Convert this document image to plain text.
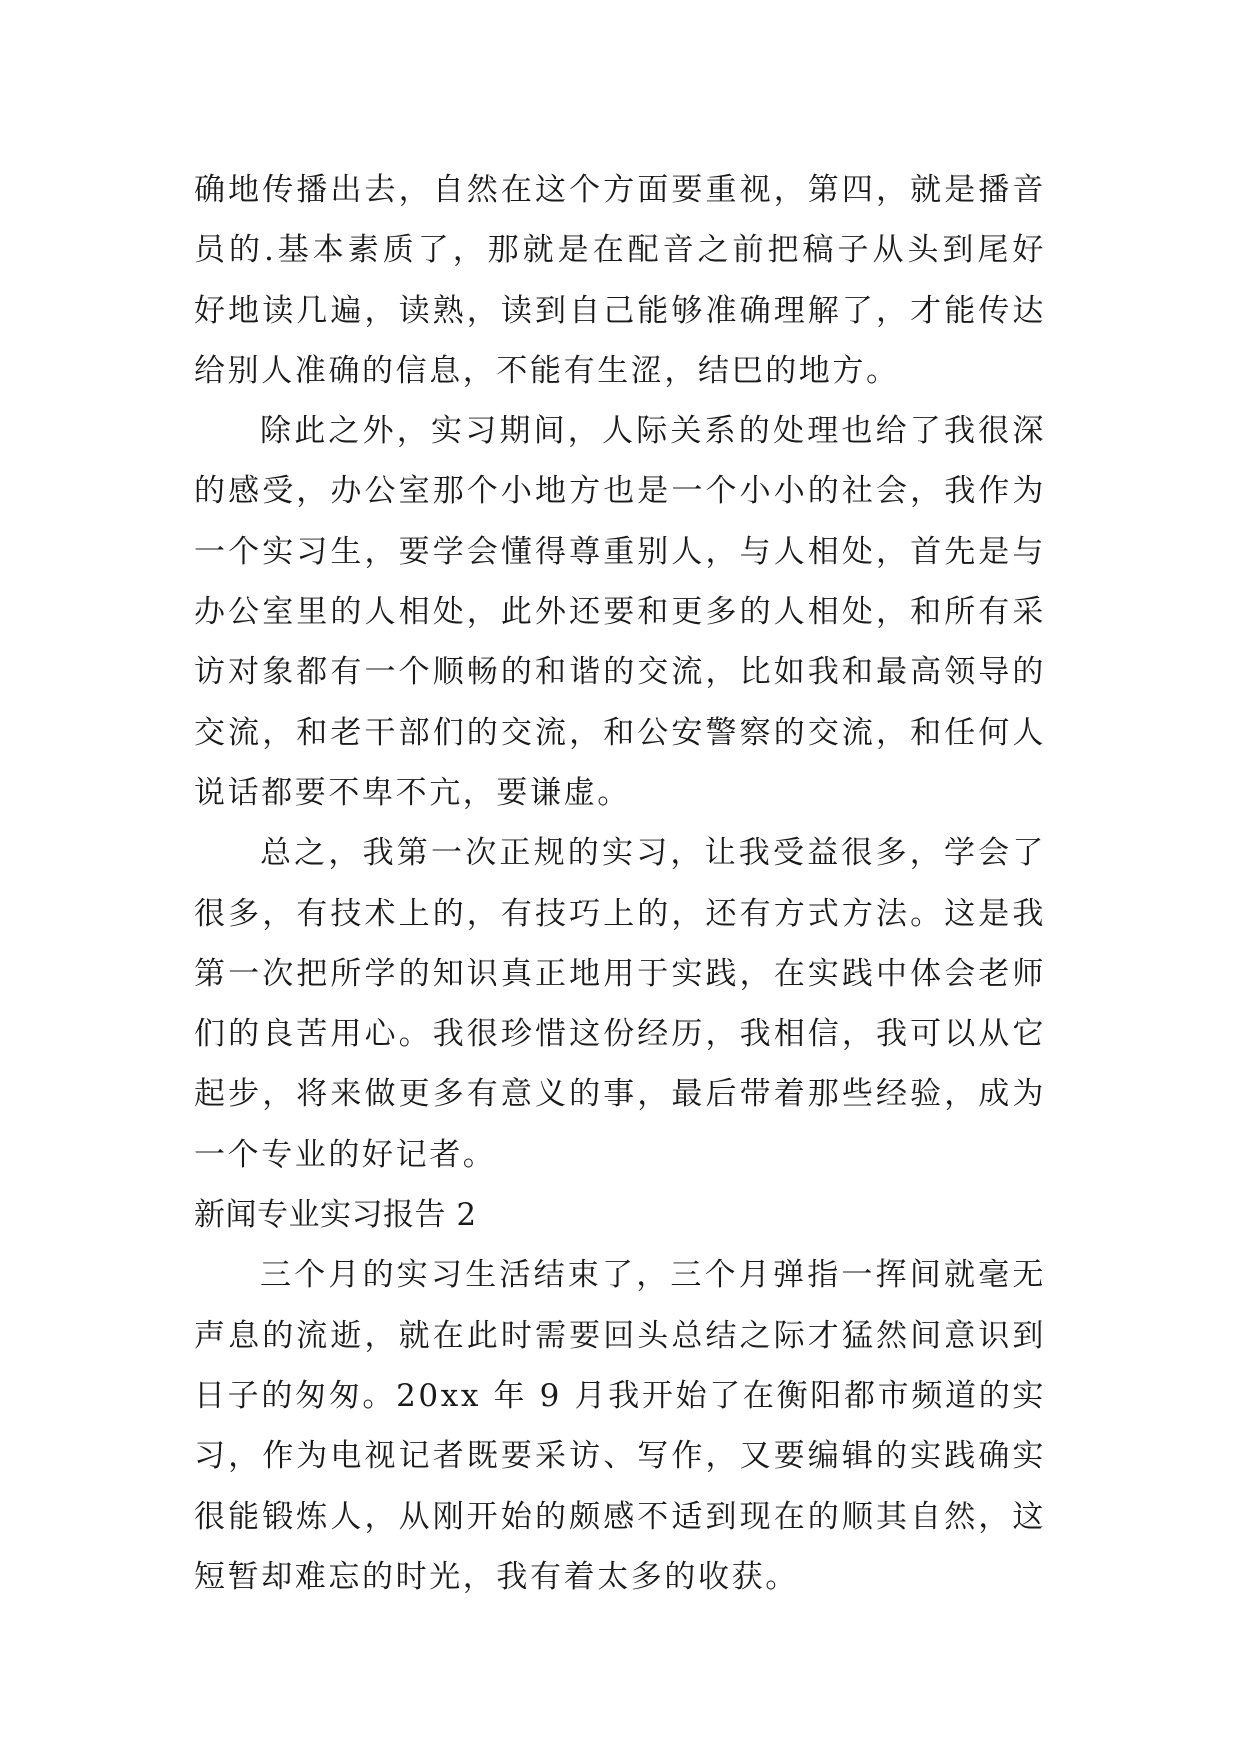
确地传播出去，自然在这个方面要重视，第四，就是播音员的.基本素质了，那就是在配音之前把稿子从头到尾好好地读几遍，读熟，读到自己能够准确理解了，才能传达给别人准确的信息，不能有生涩，结巴的地方。

除此之外，实习期间，人际关系的处理也给了我很深的感受，办公室那个小地方也是一个小小的社会，我作为一个实习生，要学会懂得尊重别人，与人相处，首先是与办公室里的人相处，此外还要和更多的人相处，和所有采访对象都有一个顺畅的和谐的交流，比如我和最高领导的交流，和老干部们的交流，和公安警察的交流，和任何人说话都要不卑不亢，要谦虚。

总之，我第一次正规的实习，让我受益很多，学会了很多，有技术上的，有技巧上的，还有方式方法。这是我第一次把所学的知识真正地用于实践，在实践中体会老师们的良苦用心。我很珍惜这份经历，我相信，我可以从它起步，将来做更多有意义的事，最后带着那些经验，成为一个专业的好记者。

新闻专业实习报告 2

三个月的实习生活结束了，三个月弹指一挥间就毫无声息的流逝，就在此时需要回头总结之际才猛然间意识到日子的匆匆。20xx 年 9 月我开始了在衡阳都市频道的实习，作为电视记者既要采访、写作，又要编辑的实践确实很能锻炼人，从刚开始的颇感不适到现在的顺其自然，这短暂却难忘的时光，我有着太多的收获。
